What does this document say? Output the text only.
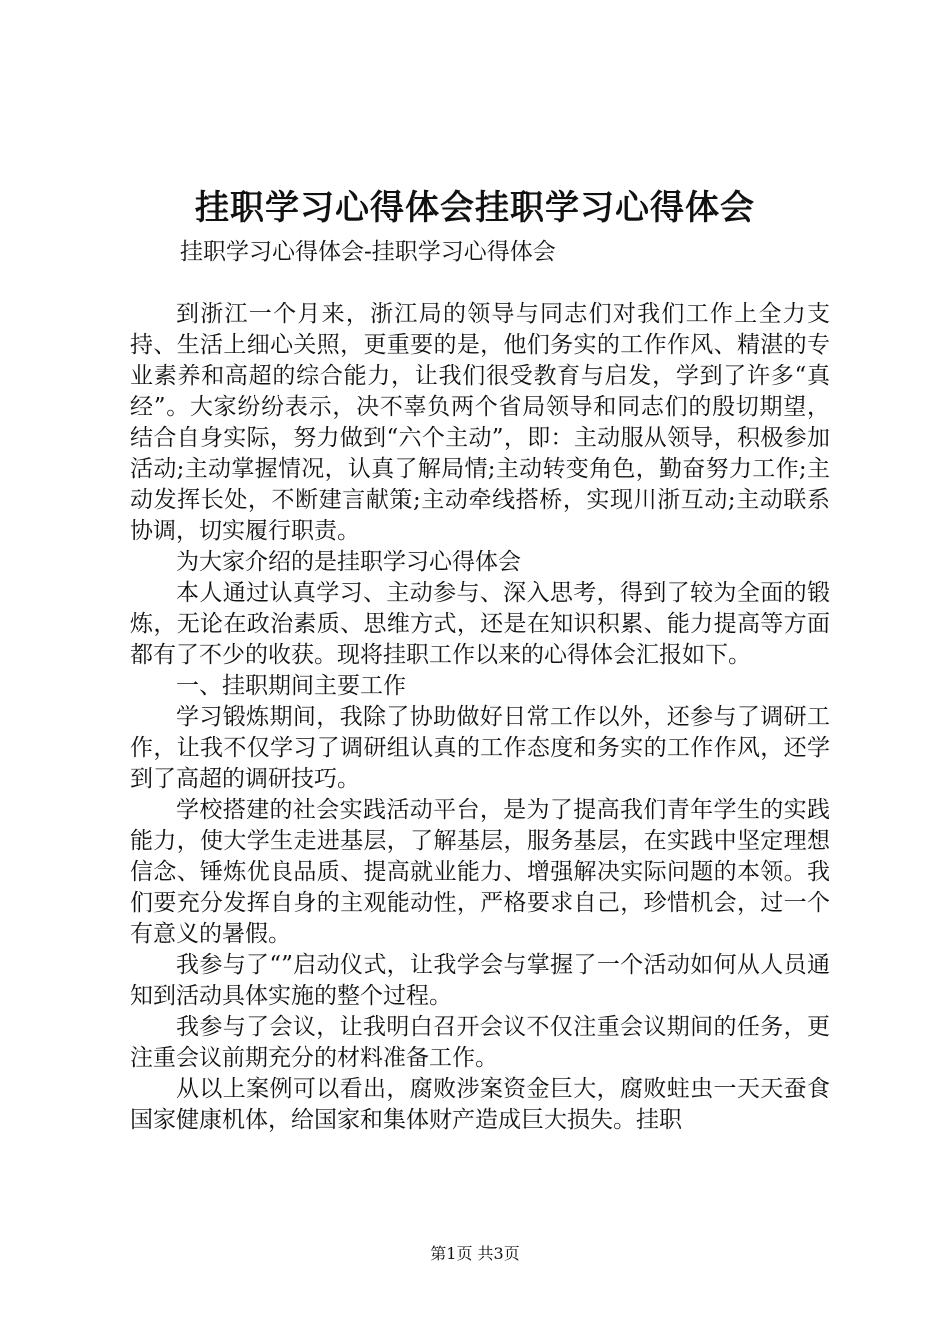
挂职学习心得体会挂职学习心得体会
挂职学习心得体会-挂职学习心得体会

到浙江一个月来，浙江局的领导与同志们对我们工作上全力支持、生活上细心关照，更重要的是，他们务实的工作作风、精湛的专业素养和高超的综合能力，让我们很受教育与启发，学到了许多“真经”。大家纷纷表示，决不辜负两个省局领导和同志们的殷切期望，结合自身实际，努力做到“六个主动”，即：主动服从领导，积极参加活动;主动掌握情况，认真了解局情;主动转变角色，勤奋努力工作;主动发挥长处，不断建言献策;主动牵线搭桥，实现川浙互动;主动联系协调，切实履行职责。

为大家介绍的是挂职学习心得体会

本人通过认真学习、主动参与、深入思考，得到了较为全面的锻炼，无论在政治素质、思维方式，还是在知识积累、能力提高等方面都有了不少的收获。现将挂职工作以来的心得体会汇报如下。

一、挂职期间主要工作

学习锻炼期间，我除了协助做好日常工作以外，还参与了调研工作，让我不仅学习了调研组认真的工作态度和务实的工作作风，还学到了高超的调研技巧。

学校搭建的社会实践活动平台，是为了提高我们青年学生的实践能力，使大学生走进基层，了解基层，服务基层，在实践中坚定理想信念、锤炼优良品质、提高就业能力、增强解决实际问题的本领。我们要充分发挥自身的主观能动性，严格要求自己，珍惜机会，过一个有意义的暑假。

我参与了“”启动仪式，让我学会与掌握了一个活动如何从人员通知到活动具体实施的整个过程。

我参与了会议，让我明白召开会议不仅注重会议期间的任务，更注重会议前期充分的材料准备工作。

从以上案例可以看出，腐败涉案资金巨大，腐败蛀虫一天天蚕食国家健康机体，给国家和集体财产造成巨大损失。挂职

第1页 共3页
